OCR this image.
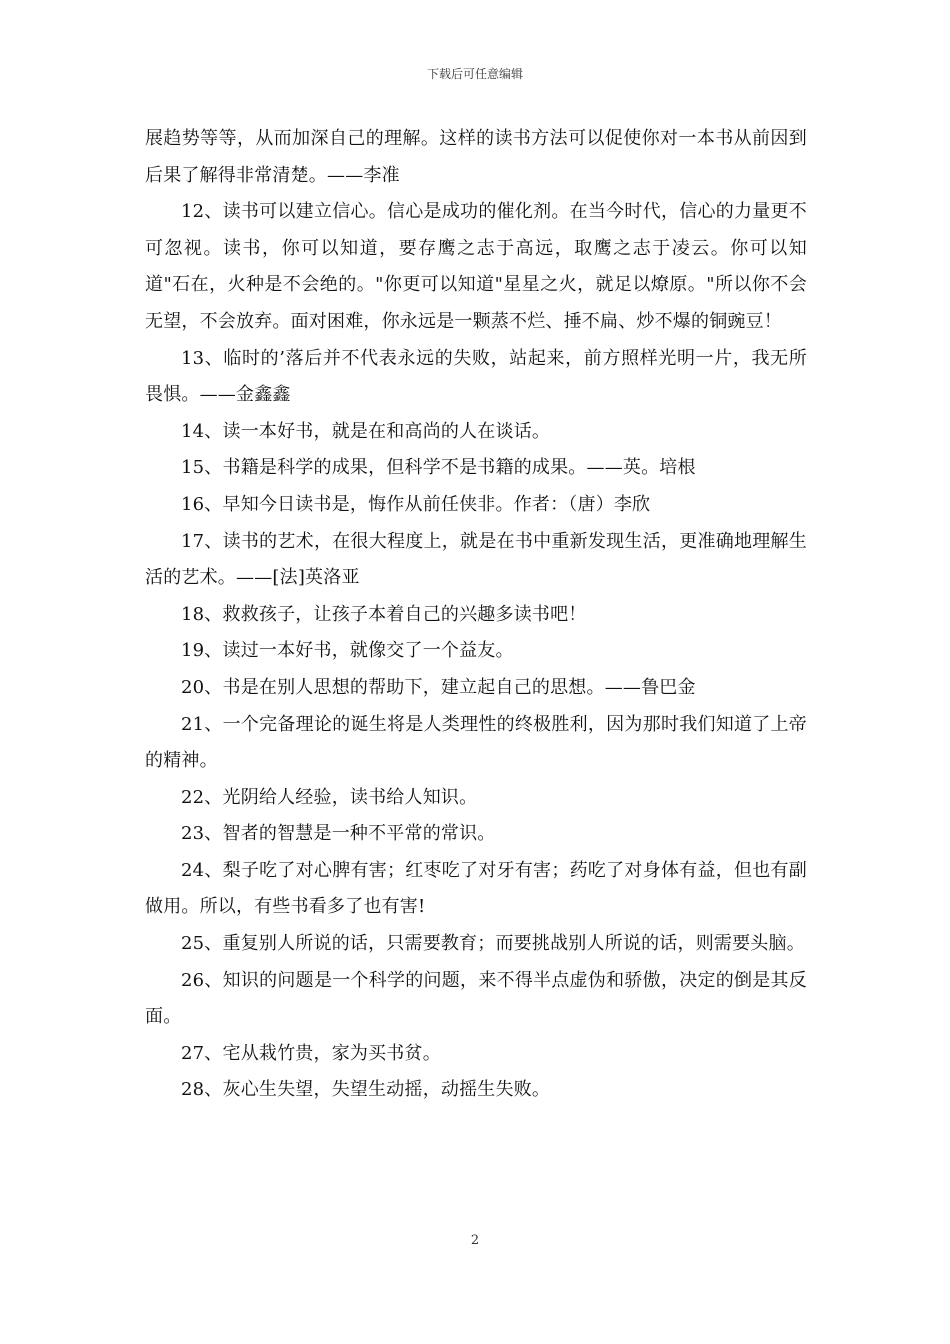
下载后可任意编辑

展趋势等等，从而加深自己的理解。这样的读书方法可以促使你对一本书从前因到后果了解得非常清楚。——李准

12、读书可以建立信心。信心是成功的催化剂。在当今时代，信心的力量更不可忽视。读书，你可以知道，要存鹰之志于高远，取鹰之志于凌云。你可以知道"石在，火种是不会绝的。"你更可以知道"星星之火，就足以燎原。"所以你不会无望，不会放弃。面对困难，你永远是一颗蒸不烂、捶不扁、炒不爆的铜豌豆！

13、临时的’落后并不代表永远的失败，站起来，前方照样光明一片，我无所畏惧。——金鑫鑫

14、读一本好书，就是在和高尚的人在谈话。

15、书籍是科学的成果，但科学不是书籍的成果。——英。培根

16、早知今日读书是，悔作从前任侠非。作者：（唐）李欣

17、读书的艺术，在很大程度上，就是在书中重新发现生活，更准确地理解生活的艺术。——[法]英洛亚

18、救救孩子，让孩子本着自己的兴趣多读书吧！

19、读过一本好书，就像交了一个益友。

20、书是在别人思想的帮助下，建立起自己的思想。——鲁巴金

21、一个完备理论的诞生将是人类理性的终极胜利，因为那时我们知道了上帝的精神。

22、光阴给人经验，读书给人知识。

23、智者的智慧是一种不平常的常识。

24、梨子吃了对心脾有害；红枣吃了对牙有害；药吃了对身体有益，但也有副做用。所以，有些书看多了也有害!

25、重复别人所说的话，只需要教育；而要挑战别人所说的话，则需要头脑。

26、知识的问题是一个科学的问题，来不得半点虚伪和骄傲，决定的倒是其反面。

27、宅从栽竹贵，家为买书贫。

28、灰心生失望，失望生动摇，动摇生失败。

2
